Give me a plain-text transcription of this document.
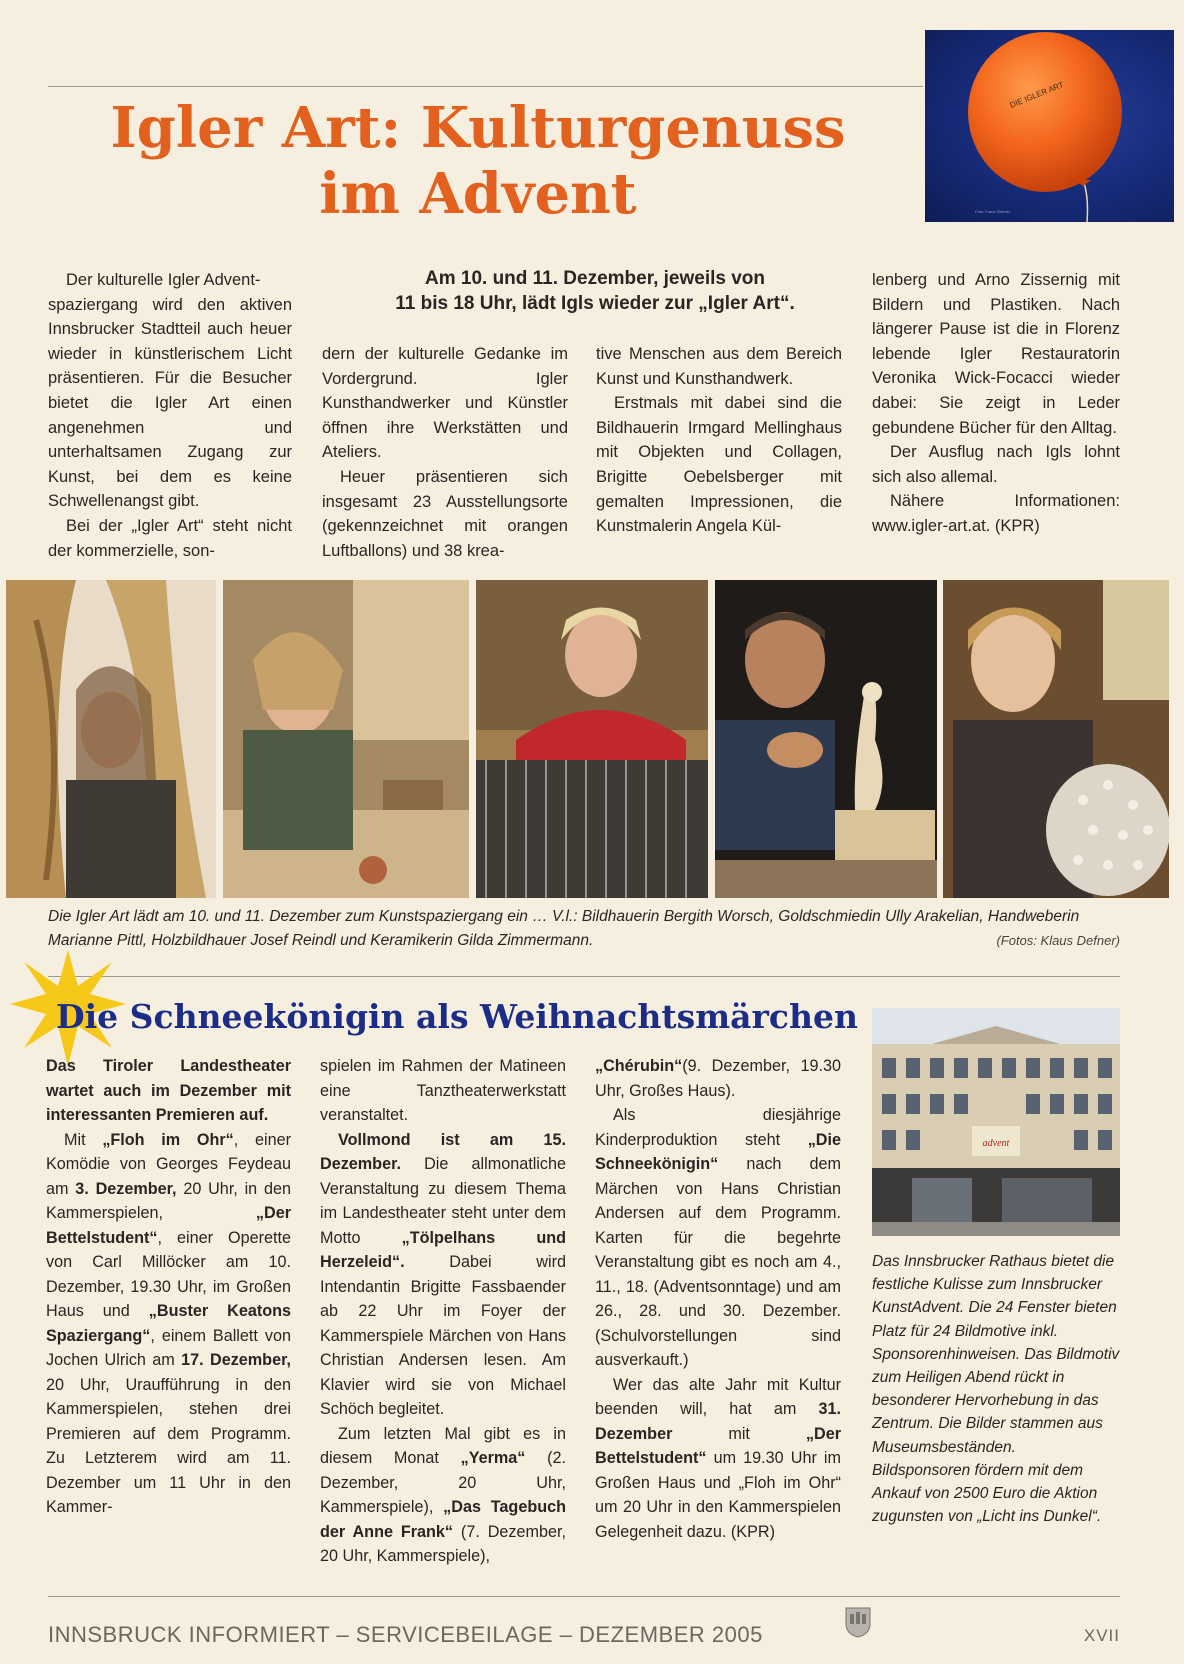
Igler Art: Kulturgenuss
im Advent
DIE IGLER ART
Foto: Franz Zimmer

Der kulturelle Igler Advent-

spaziergang wird den aktiven Innsbrucker Stadtteil auch heuer wieder in künstlerischem Licht präsentieren. Für die Besucher bietet die Igler Art einen angenehmen und unterhaltsamen Zugang zur Kunst, bei dem es keine Schwellenangst gibt.

Bei der „Igler Art“ steht nicht der kommerzielle, son-

Am 10. und 11. Dezember, jeweils von
11 bis 18 Uhr, lädt Igls wieder zur „Igler Art“.

dern der kulturelle Gedanke im Vordergrund. Igler Kunsthandwerker und Künstler öffnen ihre Werkstätten und Ateliers.

Heuer präsentieren sich insgesamt 23 Ausstellungsorte (gekennzeichnet mit orangen Luftballons) und 38 krea-

tive Menschen aus dem Bereich Kunst und Kunsthandwerk.

Erstmals mit dabei sind die Bildhauerin Irmgard Mellinghaus mit Objekten und Collagen, Brigitte Oebelsberger mit gemalten Impressionen, die Kunstmalerin Angela Kül-

lenberg und Arno Zissernig mit Bildern und Plastiken. Nach längerer Pause ist die in Florenz lebende Igler Restauratorin Veronika Wick-Focacci wieder dabei: Sie zeigt in Leder gebundene Bücher für den Alltag.

Der Ausflug nach Igls lohnt sich also allemal.

Nähere Informationen: www.igler-art.at. (KPR)

Die Igler Art lädt am 10. und 11. Dezember zum Kunstspaziergang ein … V.l.: Bildhauerin Bergith Worsch, Goldschmiedin Ully Arakelian, Handweberin Marianne Pittl, Holzbildhauer Josef Reindl und Keramikerin Gilda Zimmermann.	(Fotos: Klaus Defner)
Die Schneekönigin als Weihnachtsmärchen

Das Tiroler Landestheater wartet auch im Dezember mit interessanten Premieren auf.

Mit „Floh im Ohr“, einer Komödie von Georges Feydeau am 3. Dezember, 20 Uhr, in den Kammerspielen, „Der Bettelstudent“, einer Operette von Carl Millöcker am 10. Dezember, 19.30 Uhr, im Großen Haus und „Buster Keatons Spaziergang“, einem Ballett von Jochen Ulrich am 17. Dezember, 20 Uhr, Uraufführung in den Kammerspielen, stehen drei Premieren auf dem Programm. Zu Letzterem wird am 11. Dezember um 11 Uhr in den Kammer-

spielen im Rahmen der Matineen eine Tanztheaterwerkstatt veranstaltet.

Vollmond ist am 15. Dezember. Die allmonatliche Veranstaltung zu diesem Thema im Landestheater steht unter dem Motto „Tölpelhans und Herzeleid“. Dabei wird Intendantin Brigitte Fassbaender ab 22 Uhr im Foyer der Kammerspiele Märchen von Hans Christian Andersen lesen. Am Klavier wird sie von Michael Schöch begleitet.

Zum letzten Mal gibt es in diesem Monat „Yerma“ (2. Dezember, 20 Uhr, Kammerspiele), „Das Tagebuch der Anne Frank“ (7. Dezember, 20 Uhr, Kammerspiele),

„Chérubin“(9. Dezember, 19.30 Uhr, Großes Haus).

Als diesjährige Kinderproduktion steht „Die Schneekönigin“ nach dem Märchen von Hans Christian Andersen auf dem Programm. Karten für die begehrte Veranstaltung gibt es noch am 4., 11., 18. (Adventsonntage) und am 26., 28. und 30. Dezember. (Schulvorstellungen sind ausverkauft.)

Wer das alte Jahr mit Kultur beenden will, hat am 31. Dezember mit „Der Bettelstudent“ um 19.30 Uhr im Großen Haus und „Floh im Ohr“ um 20 Uhr in den Kammerspielen Gelegenheit dazu. (KPR)

advent

Das Innsbrucker Rathaus bietet die festliche Kulisse zum Innsbrucker KunstAdvent. Die 24 Fenster bieten Platz für 24 Bildmotive inkl. Sponsorenhinweisen. Das Bildmotiv zum Heiligen Abend rückt in besonderer Hervorhebung in das Zentrum. Die Bilder stammen aus Museumsbeständen.

Bildsponsoren fördern mit dem Ankauf von 2500 Euro die Aktion zugunsten von „Licht ins Dunkel“.

INNSBRUCK INFORMIERT – SERVICEBEILAGE – DEZEMBER 2005	XVII
